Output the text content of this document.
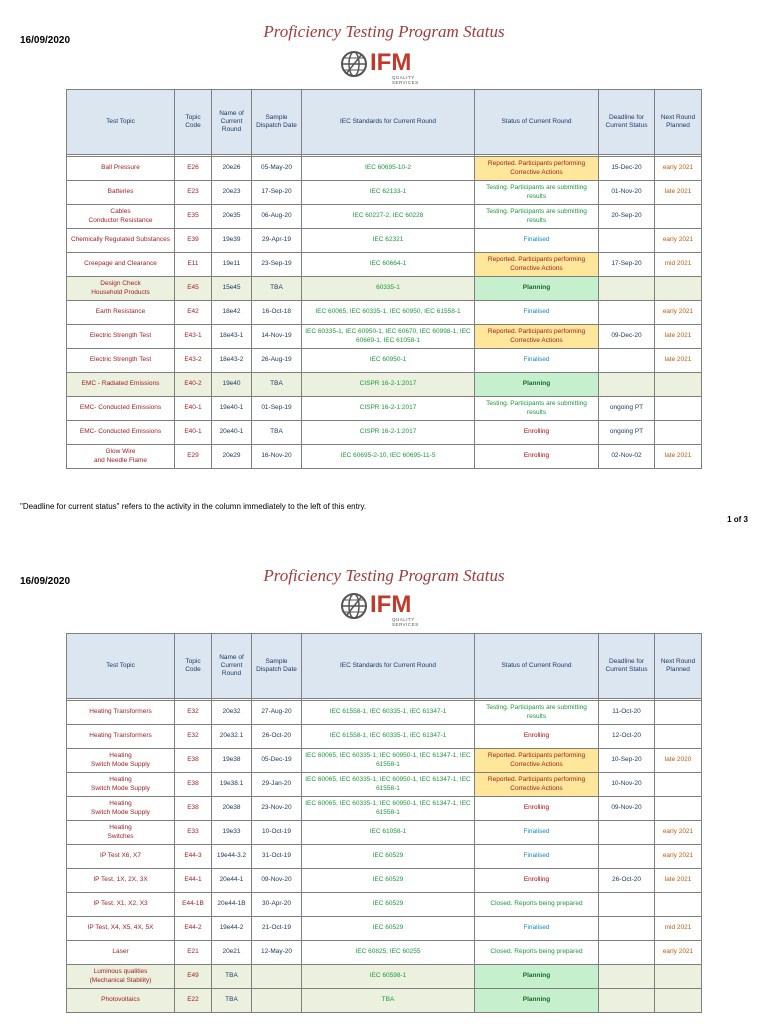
16/09/2020	Proficiency Testing Program Status
IFM
QUALITY SERVICES
Test Topic	Topic Code	Name of Current Round	Sample Dispatch Date	IEC Standards for Current Round	Status of Current Round	Deadline for Current Status	Next Round Planned

Ball Pressure	E26	20e26	05-May-20	IEC 60695-10-2	Reported. Participants performing Corrective Actions	15-Dec-20	early 2021
Batteries	E23	20e23	17-Sep-20	IEC 62133-1	Testing. Participants are submitting results	01-Nov-20	late 2021
Cables
Conductor Resistance	E35	20e35	06-Aug-20	IEC 60227-2, IEC 60228	Testing. Participants are submitting results	20-Sep-20	
Chemically Regulated Substances	E39	19e39	29-Apr-19	IEC 62321	Finalised		early 2021
Creepage and Clearance	E11	19e11	23-Sep-19	IEC 60664-1	Reported. Participants performing Corrective Actions	17-Sep-20	mid 2021
Design Check
Household Products	E45	15e45	TBA	60335-1	Planning		
Earth Resistance	E42	18e42	16-Oct-18	IEC 60065, IEC 60335-1, IEC 60950, IEC 61558-1	Finalised		early 2021
Electric Strength Test	E43-1	18e43-1	14-Nov-19	IEC 60335-1, IEC 60950-1, IEC 60670, IEC 60998-1, IEC 60669-1, IEC 61058-1	Reported. Participants performing Corrective Actions	09-Dec-20	late 2021
Electric Strength Test	E43-2	18e43-2	26-Aug-19	IEC 60950-1	Finalised		late 2021
EMC - Radiated Emissions	E40-2	19e40	TBA	CISPR 16-2-1:2017	Planning		
EMC- Conducted Emissions	E40-1	19e40-1	01-Sep-19	CISPR 16-2-1:2017	Testing. Participants are submitting results	ongoing PT	
EMC- Conducted Emissions	E40-1	20e40-1	TBA	CISPR 16-2-1:2017	Enrolling	ongoing PT	
Glow Wire
and Needle Flame	E29	20e29	16-Nov-20	IEC 60695-2-10, IEC 60695-11-5	Enrolling	02-Nov-02	late 2021
"Deadline for current status" refers to the activity in the column immediately to the left of this entry.
1 of 3
16/09/2020	Proficiency Testing Program Status
IFM
QUALITY SERVICES
Test Topic	Topic Code	Name of Current Round	Sample Dispatch Date	IEC Standards for Current Round	Status of Current Round	Deadline for Current Status	Next Round Planned

Heating Transformers	E32	20e32	27-Aug-20	IEC 61558-1, IEC 60335-1, IEC 61347-1	Testing. Participants are submitting results	11-Oct-20	
Heating Transformers	E32	20e32.1	26-Oct-20	IEC 61558-1, IEC 60335-1, IEC 61347-1	Enrolling	12-Oct-20	
Heating
Switch Mode Supply	E38	19e38	05-Dec-19	IEC 60065, IEC 60335-1, IEC 60950-1, IEC 61347-1, IEC 61558-1	Reported. Participants performing Corrective Actions	10-Sep-20	late 2020
Heating
Switch Mode Supply	E38	19e38.1	29-Jan-20	IEC 60065, IEC 60335-1, IEC 60950-1, IEC 61347-1, IEC 61558-1	Reported. Participants performing Corrective Actions	10-Nov-20	
Heating
Switch Mode Supply	E38	20e38	23-Nov-20	IEC 60065, IEC 60335-1, IEC 60950-1, IEC 61347-1, IEC 61558-1	Enrolling	09-Nov-20	
Heating
Switches	E33	19e33	10-Oct-19	IEC 61058-1	Finalised		early 2021
IP Test X6, X7	E44-3	19e44-3.2	31-Oct-19	IEC 60529	Finalised		early 2021
IP Test, 1X, 2X, 3X	E44-1	20e44-1	09-Nov-20	IEC 60529	Enrolling	26-Oct-20	late 2021
IP Test, X1, X2, X3	E44-1B	20e44-1B	30-Apr-20	IEC 60529	Closed. Reports being prepared		
IP Test, X4, X5, 4X, 5X	E44-2	19e44-2	21-Oct-19	IEC 60529	Finalised		mid 2021
Laser	E21	20e21	12-May-20	IEC 60825, IEC 60255	Closed. Reports being prepared		early 2021
Luminous qualities
(Mechanical Stability)	E49	TBA		IEC 60598-1	Planning		
Photovoltaics	E22	TBA		TBA	Planning		
